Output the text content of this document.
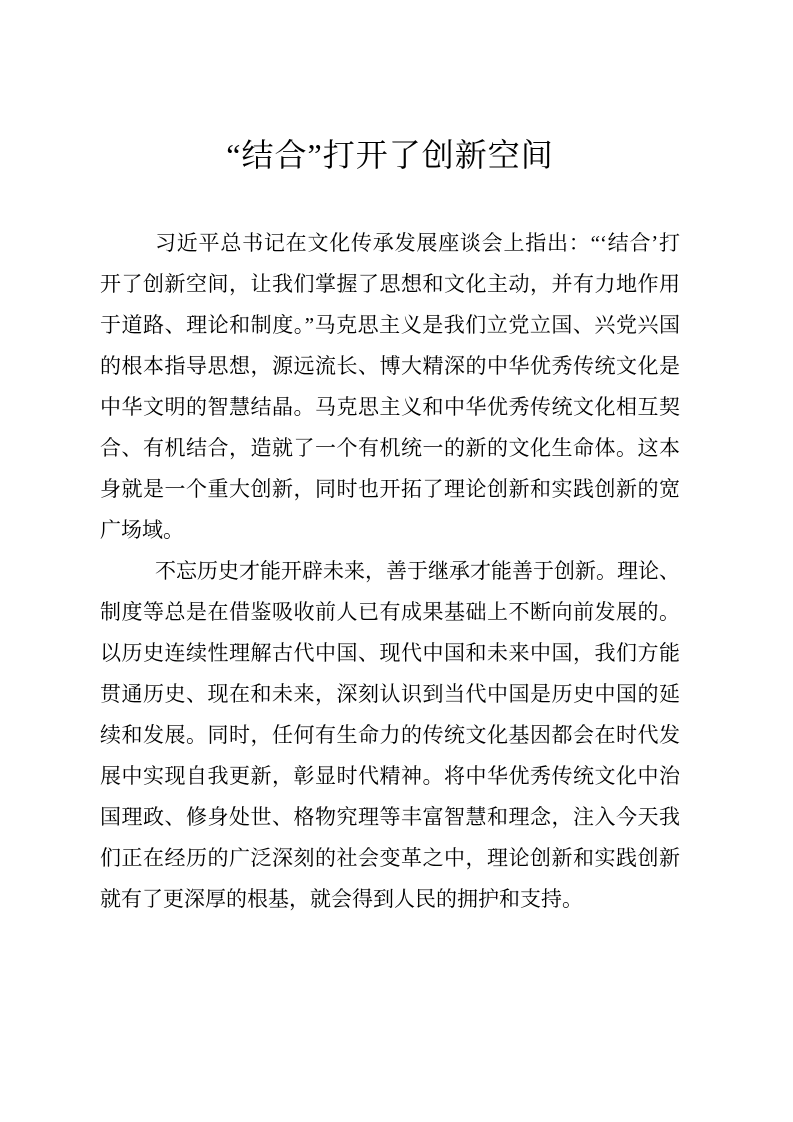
“结合”打开了创新空间

习近平总书记在文化传承发展座谈会上指出：“‘结合’打开了创新空间，让我们掌握了思想和文化主动，并有力地作用于道路、理论和制度。”马克思主义是我们立党立国、兴党兴国的根本指导思想，源远流长、博大精深的中华优秀传统文化是中华文明的智慧结晶。马克思主义和中华优秀传统文化相互契合、有机结合，造就了一个有机统一的新的文化生命体。这本身就是一个重大创新，同时也开拓了理论创新和实践创新的宽广场域。

不忘历史才能开辟未来，善于继承才能善于创新。理论、制度等总是在借鉴吸收前人已有成果基础上不断向前发展的。以历史连续性理解古代中国、现代中国和未来中国，我们方能贯通历史、现在和未来，深刻认识到当代中国是历史中国的延续和发展。同时，任何有生命力的传统文化基因都会在时代发展中实现自我更新，彰显时代精神。将中华优秀传统文化中治国理政、修身处世、格物究理等丰富智慧和理念，注入今天我们正在经历的广泛深刻的社会变革之中，理论创新和实践创新就有了更深厚的根基，就会得到人民的拥护和支持。
